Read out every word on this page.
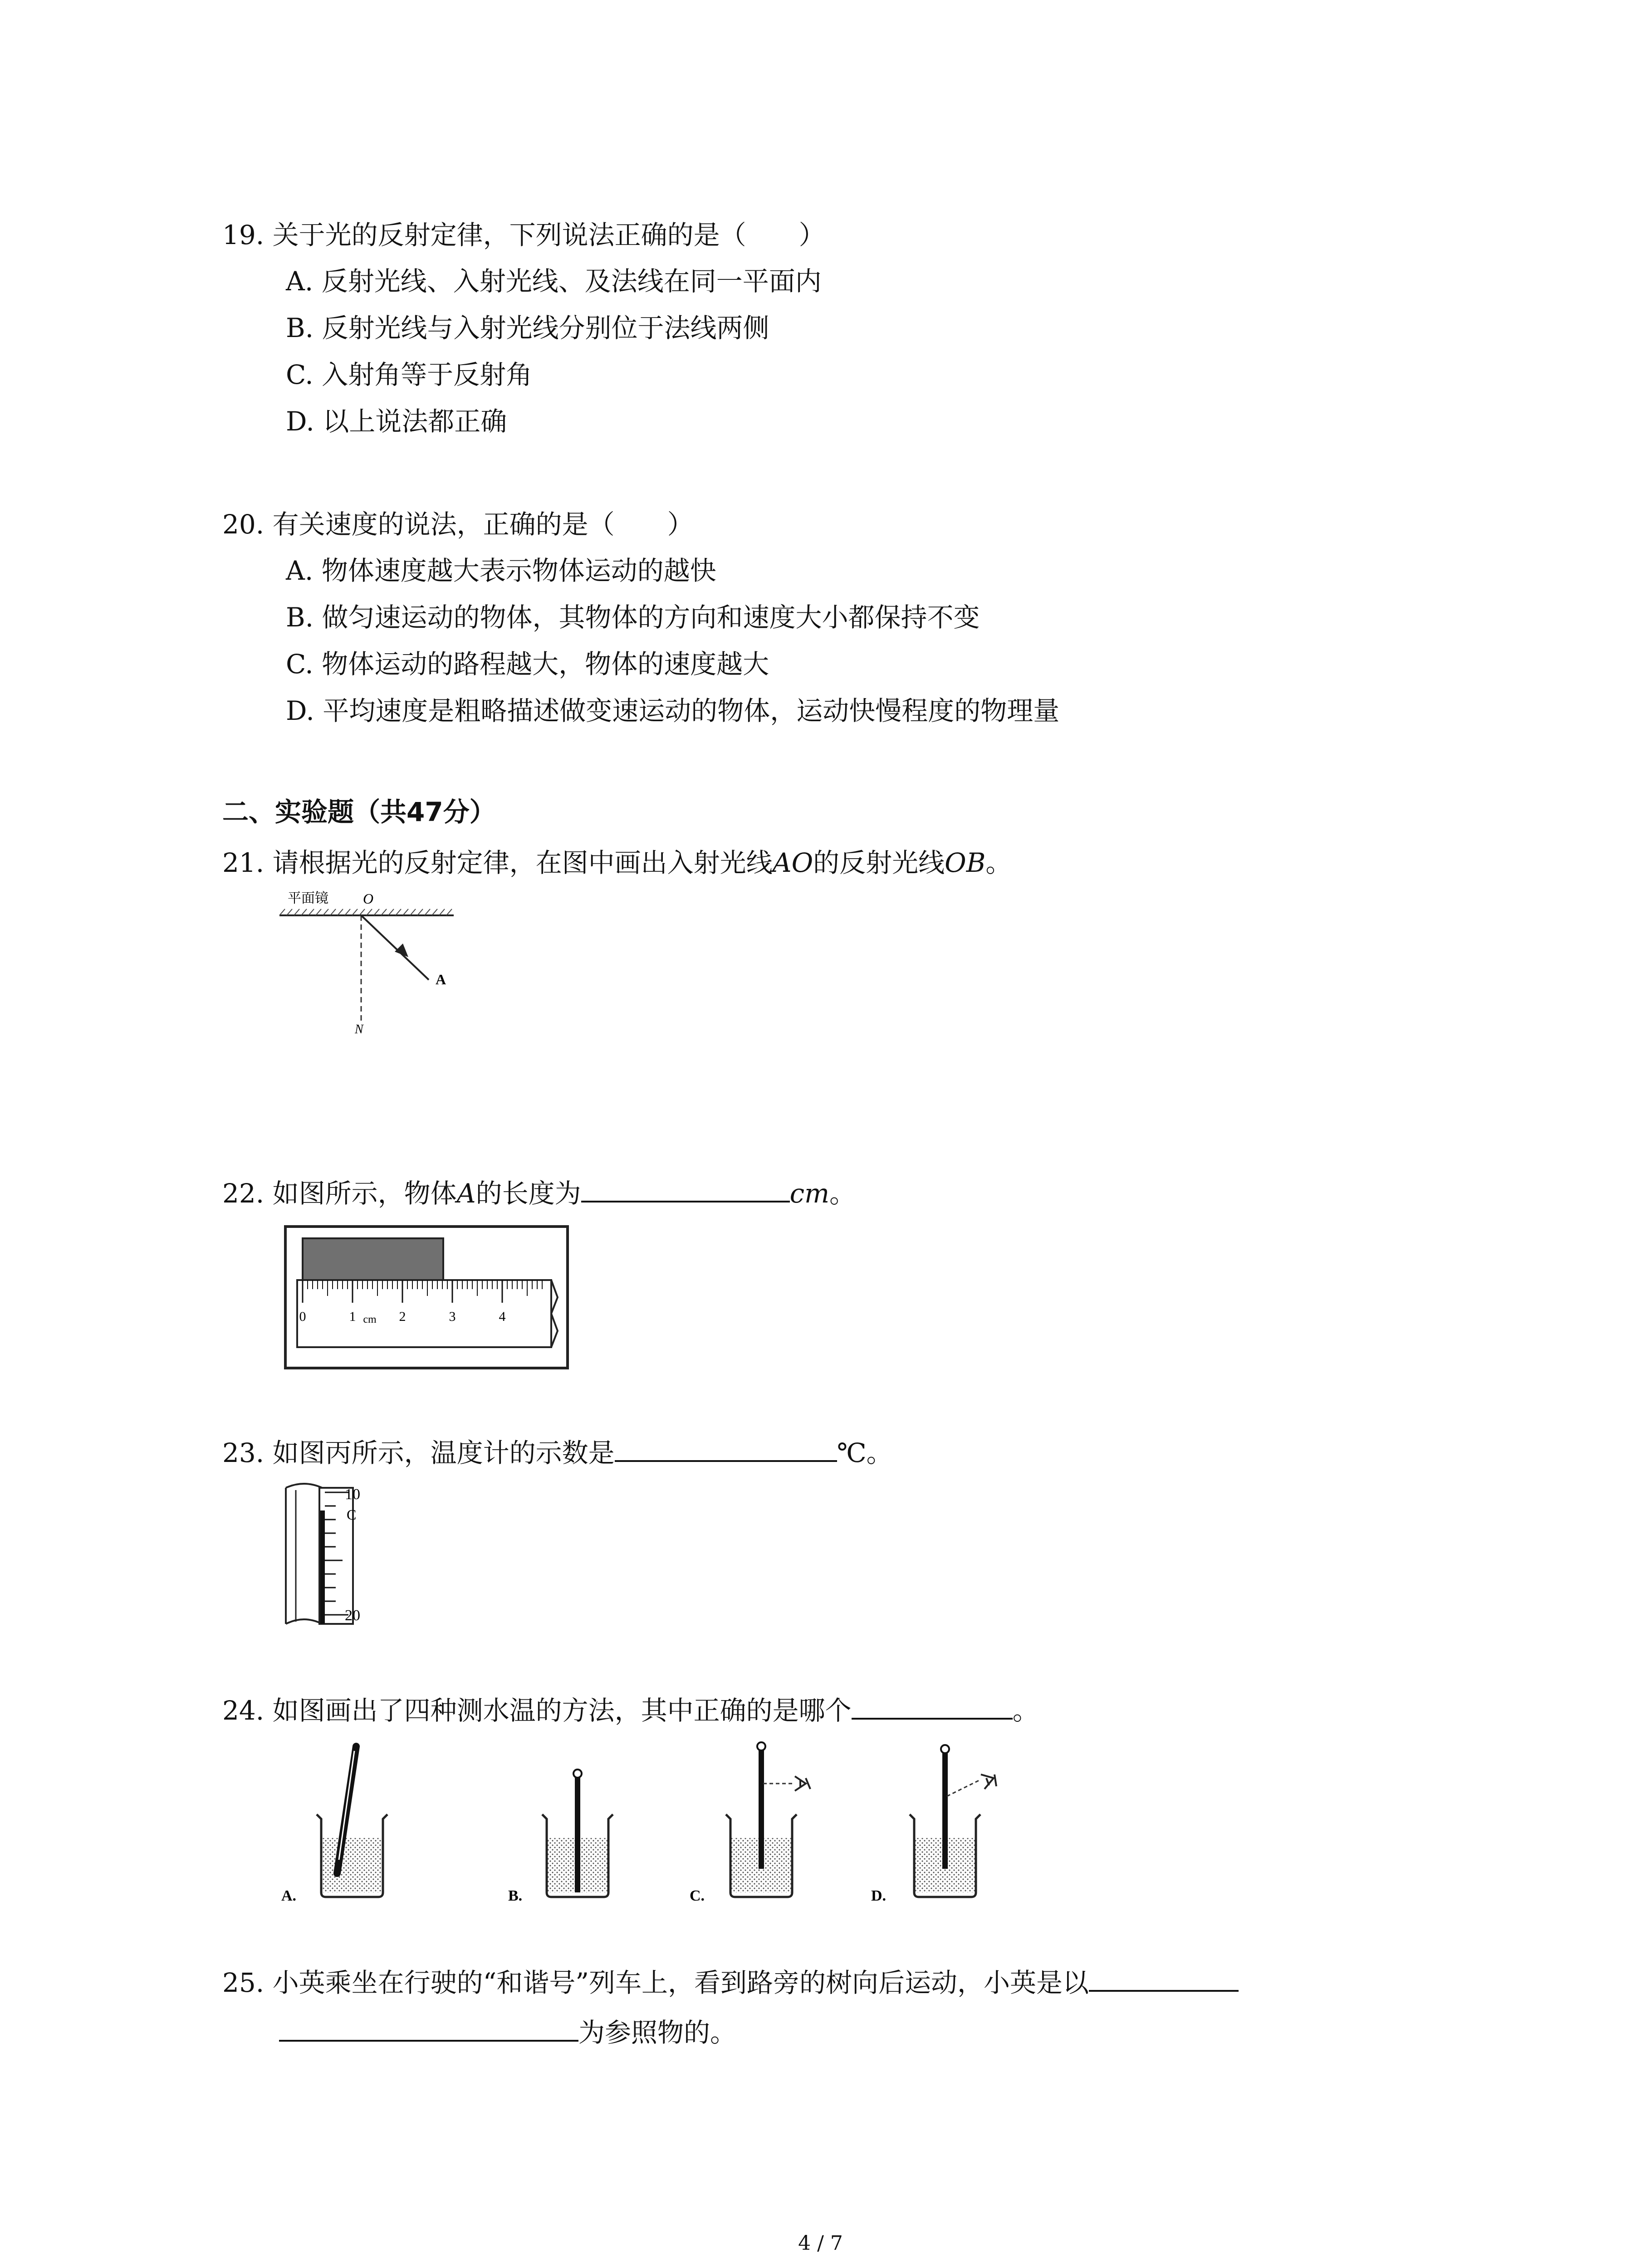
19. 关于光的反射定律，下列说法正确的是（　　）
A. 反射光线、入射光线、及法线在同一平面内
B. 反射光线与入射光线分别位于法线两侧
C. 入射角等于反射角
D. 以上说法都正确
20. 有关速度的说法，正确的是（　　）
A. 物体速度越大表示物体运动的越快
B. 做匀速运动的物体，其物体的方向和速度大小都保持不变
C. 物体运动的路程越大，物体的速度越大
D. 平均速度是粗略描述做变速运动的物体，运动快慢程度的物理量
二、实验题（共47分）
21. 请根据光的反射定律，在图中画出入射光线AO的反射光线OB。
平面镜 O
A
N
22. 如图所示，物体A的长度为	cm。
0	1 cm 2	3	4
23. 如图丙所示，温度计的示数是	℃。
10
C
20
24. 如图画出了四种测水温的方法，其中正确的是哪个	。
A.	B.	C.	D.
25. 小英乘坐在行驶的“和谐号”列车上，看到路旁的树向后运动，小英是以
为参照物的。
4 / 7
